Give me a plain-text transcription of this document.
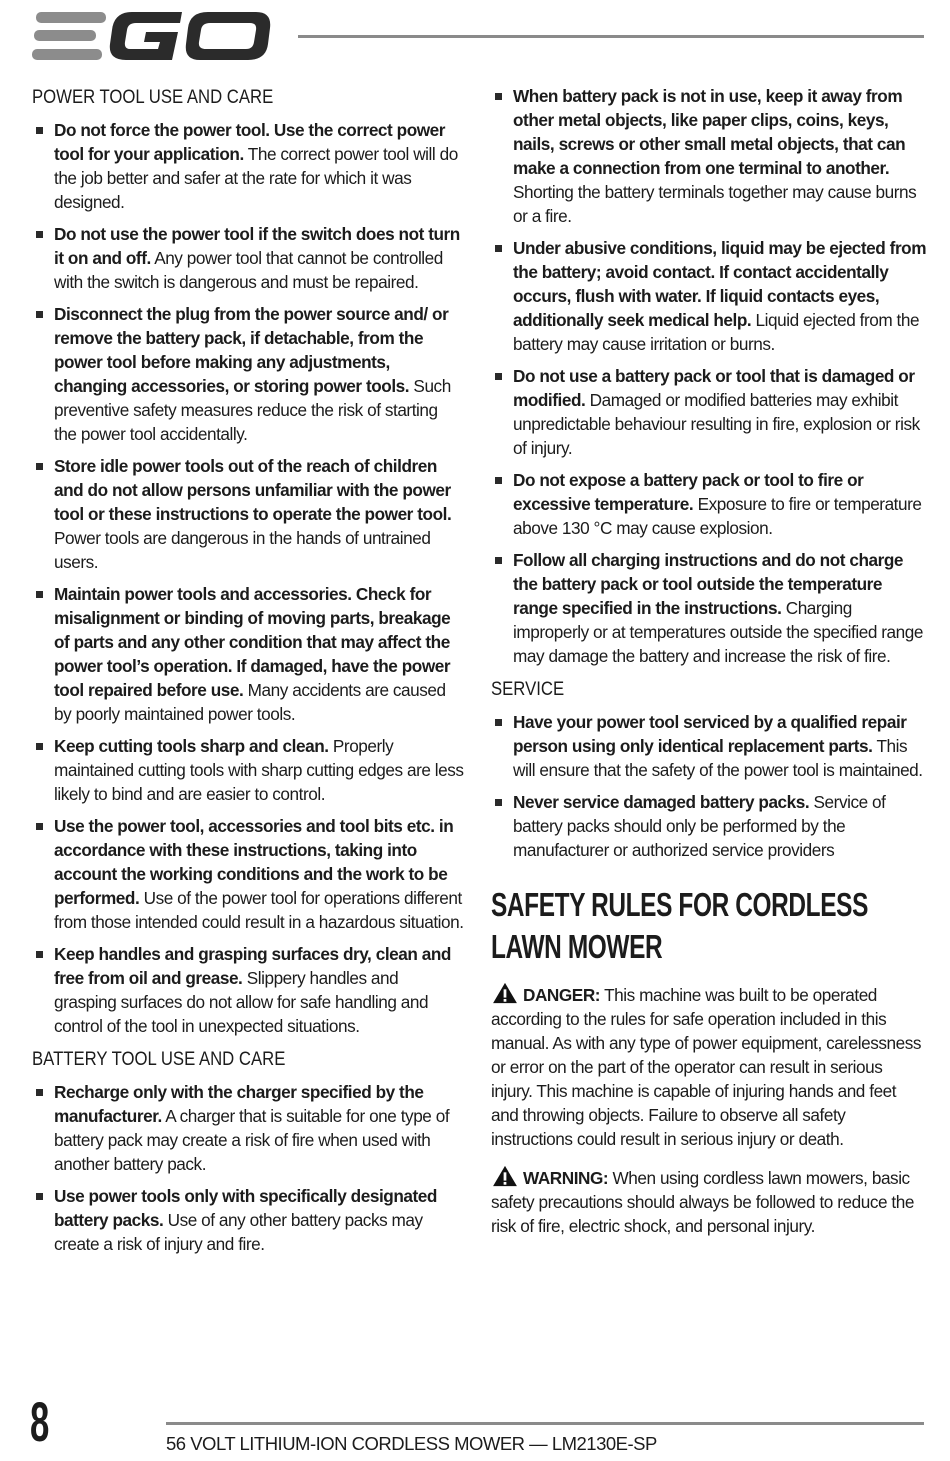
POWER TOOL USE AND CARE
Do not force the power tool. Use the correct power tool for your application. The correct power tool will do the job better and safer at the rate for which it was designed.
Do not use the power tool if the switch does not turn it on and off. Any power tool that cannot be controlled with the switch is dangerous and must be repaired.
Disconnect the plug from the power source and/ or remove the battery pack, if detachable, from the power tool before making any adjustments, changing accessories, or storing power tools. Such preventive safety measures reduce the risk of starting the power tool accidentally.
Store idle power tools out of the reach of children and do not allow persons unfamiliar with the power tool or these instructions to operate the power tool. Power tools are dangerous in the hands of untrained users.
Maintain power tools and accessories. Check for misalignment or binding of moving parts, breakage of parts and any other condition that may affect the power tool’s operation. If damaged, have the power tool repaired before use. Many accidents are caused by poorly maintained power tools.
Keep cutting tools sharp and clean. Properly maintained cutting tools with sharp cutting edges are less likely to bind and are easier to control.
Use the power tool, accessories and tool bits etc. in accordance with these instructions, taking into account the working conditions and the work to be performed. Use of the power tool for operations different from those intended could result in a hazardous situation.
Keep handles and grasping surfaces dry, clean and free from oil and grease. Slippery handles and grasping surfaces do not allow for safe handling and control of the tool in unexpected situations.
BATTERY TOOL USE AND CARE
Recharge only with the charger specified by the manufacturer. A charger that is suitable for one type of battery pack may create a risk of fire when used with another battery pack.
Use power tools only with specifically designated battery packs. Use of any other battery packs may create a risk of injury and fire.
When battery pack is not in use, keep it away from other metal objects, like paper clips, coins, keys, nails, screws or other small metal objects, that can make a connection from one terminal to another. Shorting the battery terminals together may cause burns or a fire.
Under abusive conditions, liquid may be ejected from the battery; avoid contact. If contact accidentally occurs, flush with water. If liquid contacts eyes, additionally seek medical help. Liquid ejected from the battery may cause irritation or burns.
Do not use a battery pack or tool that is damaged or modified. Damaged or modified batteries may exhibit unpredictable behaviour resulting in fire, explosion or risk of injury.
Do not expose a battery pack or tool to fire or excessive temperature. Exposure to fire or temperature above 130 °C may cause explosion.
Follow all charging instructions and do not charge the battery pack or tool outside the temperature range specified in the instructions. Charging improperly or at temperatures outside the specified range may damage the battery and increase the risk of fire.
SERVICE
Have your power tool serviced by a qualified repair person using only identical replacement parts. This will ensure that the safety of the power tool is maintained.
Never service damaged battery packs. Service of battery packs should only be performed by the manufacturer or authorized service providers
SAFETY RULES FOR CORDLESS LAWN MOWER

DANGER: This machine was built to be operated according to the rules for safe operation included in this manual. As with any type of power equipment, carelessness or error on the part of the operator can result in serious injury. This machine is capable of injuring hands and feet and throwing objects. Failure to observe all safety instructions could result in serious injury or death.

WARNING: When using cordless lawn mowers, basic safety precautions should always be followed to reduce the risk of fire, electric shock, and personal injury.

8	56 VOLT LITHIUM-ION CORDLESS MOWER — LM2130E-SP
